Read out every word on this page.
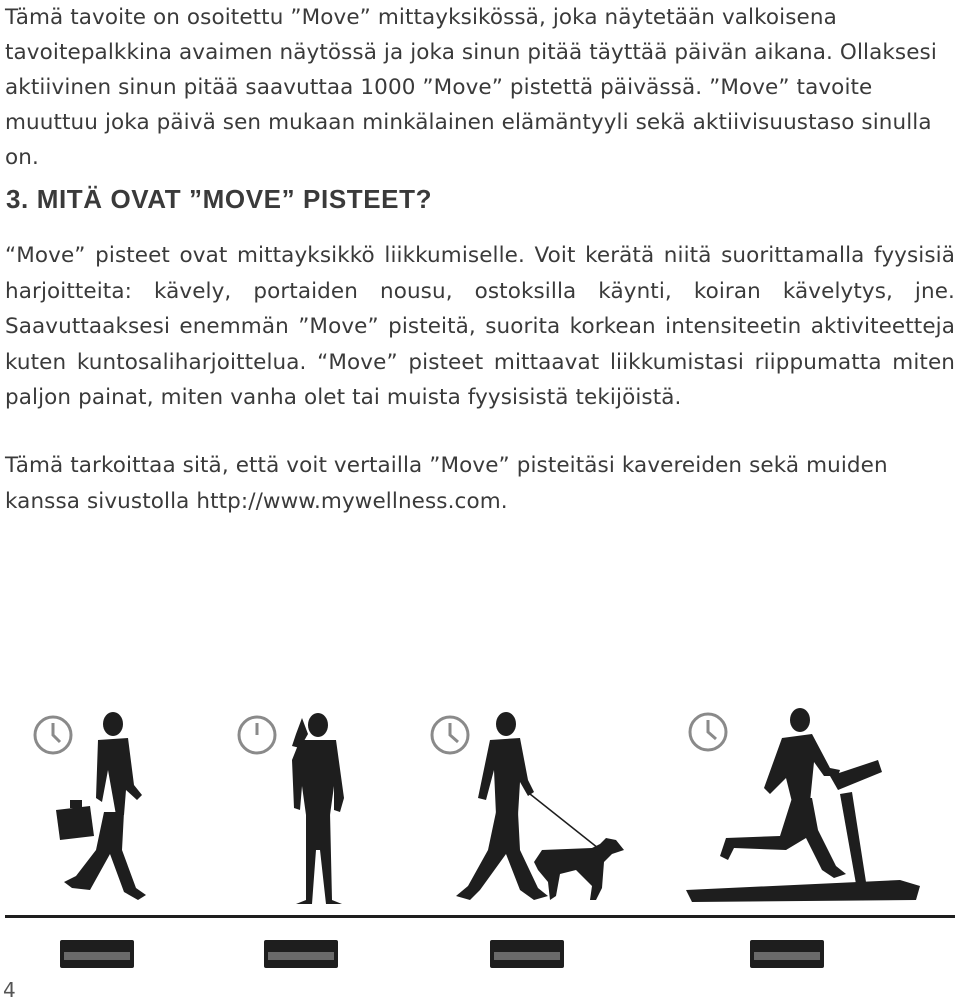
Tämä tavoite on osoitettu ”Move” mittayksikössä, joka näytetään valkoisena tavoitepalkkina avaimen näytössä ja joka sinun pitää täyttää päivän aikana. Ollaksesi aktiivinen sinun pitää saavuttaa 1000 ”Move” pistettä päivässä. ”Move” tavoite muuttuu joka päivä sen mukaan minkälainen elämäntyyli sekä aktiivisuustaso sinulla on.

3. MITÄ OVAT ”MOVE” PISTEET?

“Move” pisteet ovat mittayksikkö liikkumiselle. Voit kerätä niitä suorittamalla fyysisiä harjoitteita: kävely, portaiden nousu, ostoksilla käynti, koiran kävelytys, jne. Saavuttaaksesi enemmän ”Move” pisteitä, suorita korkean intensiteetin aktiviteetteja kuten kuntosaliharjoittelua. “Move” pisteet mittaavat liikkumistasi riippumatta miten paljon painat, miten vanha olet tai muista fyysisistä tekijöistä.

Tämä tarkoittaa sitä, että voit vertailla ”Move” pisteitäsi kavereiden sekä muiden kanssa sivustolla http://www.mywellness.com.

4
